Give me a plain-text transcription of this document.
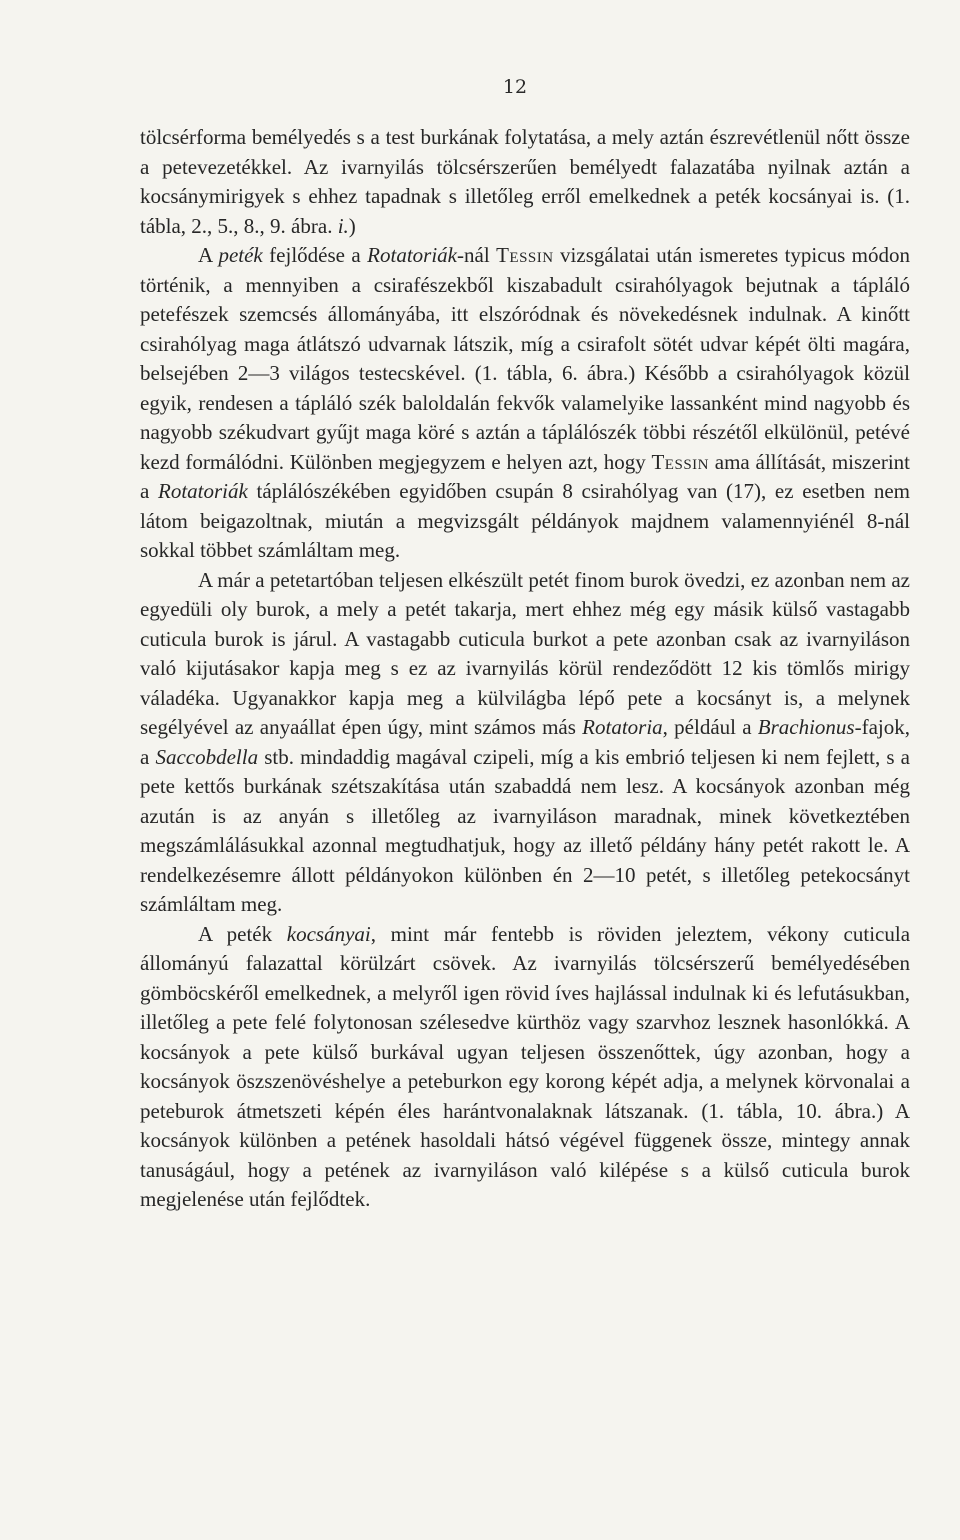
12

tölcsérforma bemélyedés s a test burkának folytatása, a mely aztán észrevétlenül nőtt össze a petevezetékkel. Az ivarnyilás tölcsérszerűen bemélyedt falazatába nyilnak aztán a kocsánymirigyek s ehhez tapadnak s illetőleg erről emelkednek a peték kocsányai is. (1. tábla, 2., 5., 8., 9. ábra. i.)

A peték fejlődése a Rotatoriák-nál Tessin vizsgálatai után ismeretes typicus módon történik, a mennyiben a csirafészekből kiszabadult csirahólyagok bejutnak a tápláló petefészek szemcsés állományába, itt elszóródnak és növekedésnek indulnak. A kinőtt csirahólyag maga átlátszó udvarnak látszik, míg a csirafolt sötét udvar képét ölti magára, belsejében 2—3 világos testecskével. (1. tábla, 6. ábra.) Később a csirahólyagok közül egyik, rendesen a tápláló szék baloldalán fekvők valamelyike lassanként mind nagyobb és nagyobb székudvart gyűjt maga köré s aztán a táplálószék többi részétől elkülönül, petévé kezd formálódni. Különben megjegyzem e helyen azt, hogy Tessin ama állítását, miszerint a Rotatoriák táplálószékében egyidőben csupán 8 csirahólyag van (17), ez esetben nem látom beigazoltnak, miután a megvizsgált példányok majdnem valamennyiénél 8-nál sokkal többet számláltam meg.

A már a petetartóban teljesen elkészült petét finom burok övedzi, ez azonban nem az egyedüli oly burok, a mely a petét takarja, mert ehhez még egy másik külső vastagabb cuticula burok is járul. A vastagabb cuticula burkot a pete azonban csak az ivarnyiláson való kijutásakor kapja meg s ez az ivarnyilás körül rendeződött 12 kis tömlős mirigy váladéka. Ugyanakkor kapja meg a külvilágba lépő pete a kocsányt is, a melynek segélyével az anyaállat épen úgy, mint számos más Rotatoria, például a Brachionus-fajok, a Saccobdella stb. mindaddig magával czipeli, míg a kis embrió teljesen ki nem fejlett, s a pete kettős burkának szétszakítása után szabaddá nem lesz. A kocsányok azonban még azután is az anyán s illetőleg az ivarnyiláson maradnak, minek következtében megszámlálásukkal azonnal megtudhatjuk, hogy az illető példány hány petét rakott le. A rendelkezésemre állott példányokon különben én 2—10 petét, s illetőleg petekocsányt számláltam meg.

A peték kocsányai, mint már fentebb is röviden jeleztem, vékony cuticula állományú falazattal körülzárt csövek. Az ivarnyilás tölcsérszerű bemélyedésében gömböcskéről emelkednek, a melyről igen rövid íves hajlással indulnak ki és lefutásukban, illetőleg a pete felé folytonosan szélesedve kürthöz vagy szarvhoz lesznek hasonlókká. A kocsányok a pete külső burkával ugyan teljesen összenőttek, úgy azonban, hogy a kocsányok öszszenövéshelye a peteburkon egy korong képét adja, a melynek körvonalai a peteburok átmetszeti képén éles harántvonalaknak látszanak. (1. tábla, 10. ábra.) A kocsányok különben a petének hasoldali hátsó végével függenek össze, mintegy annak tanuságául, hogy a petének az ivarnyiláson való kilépése s a külső cuticula burok megjelenése után fejlődtek.
